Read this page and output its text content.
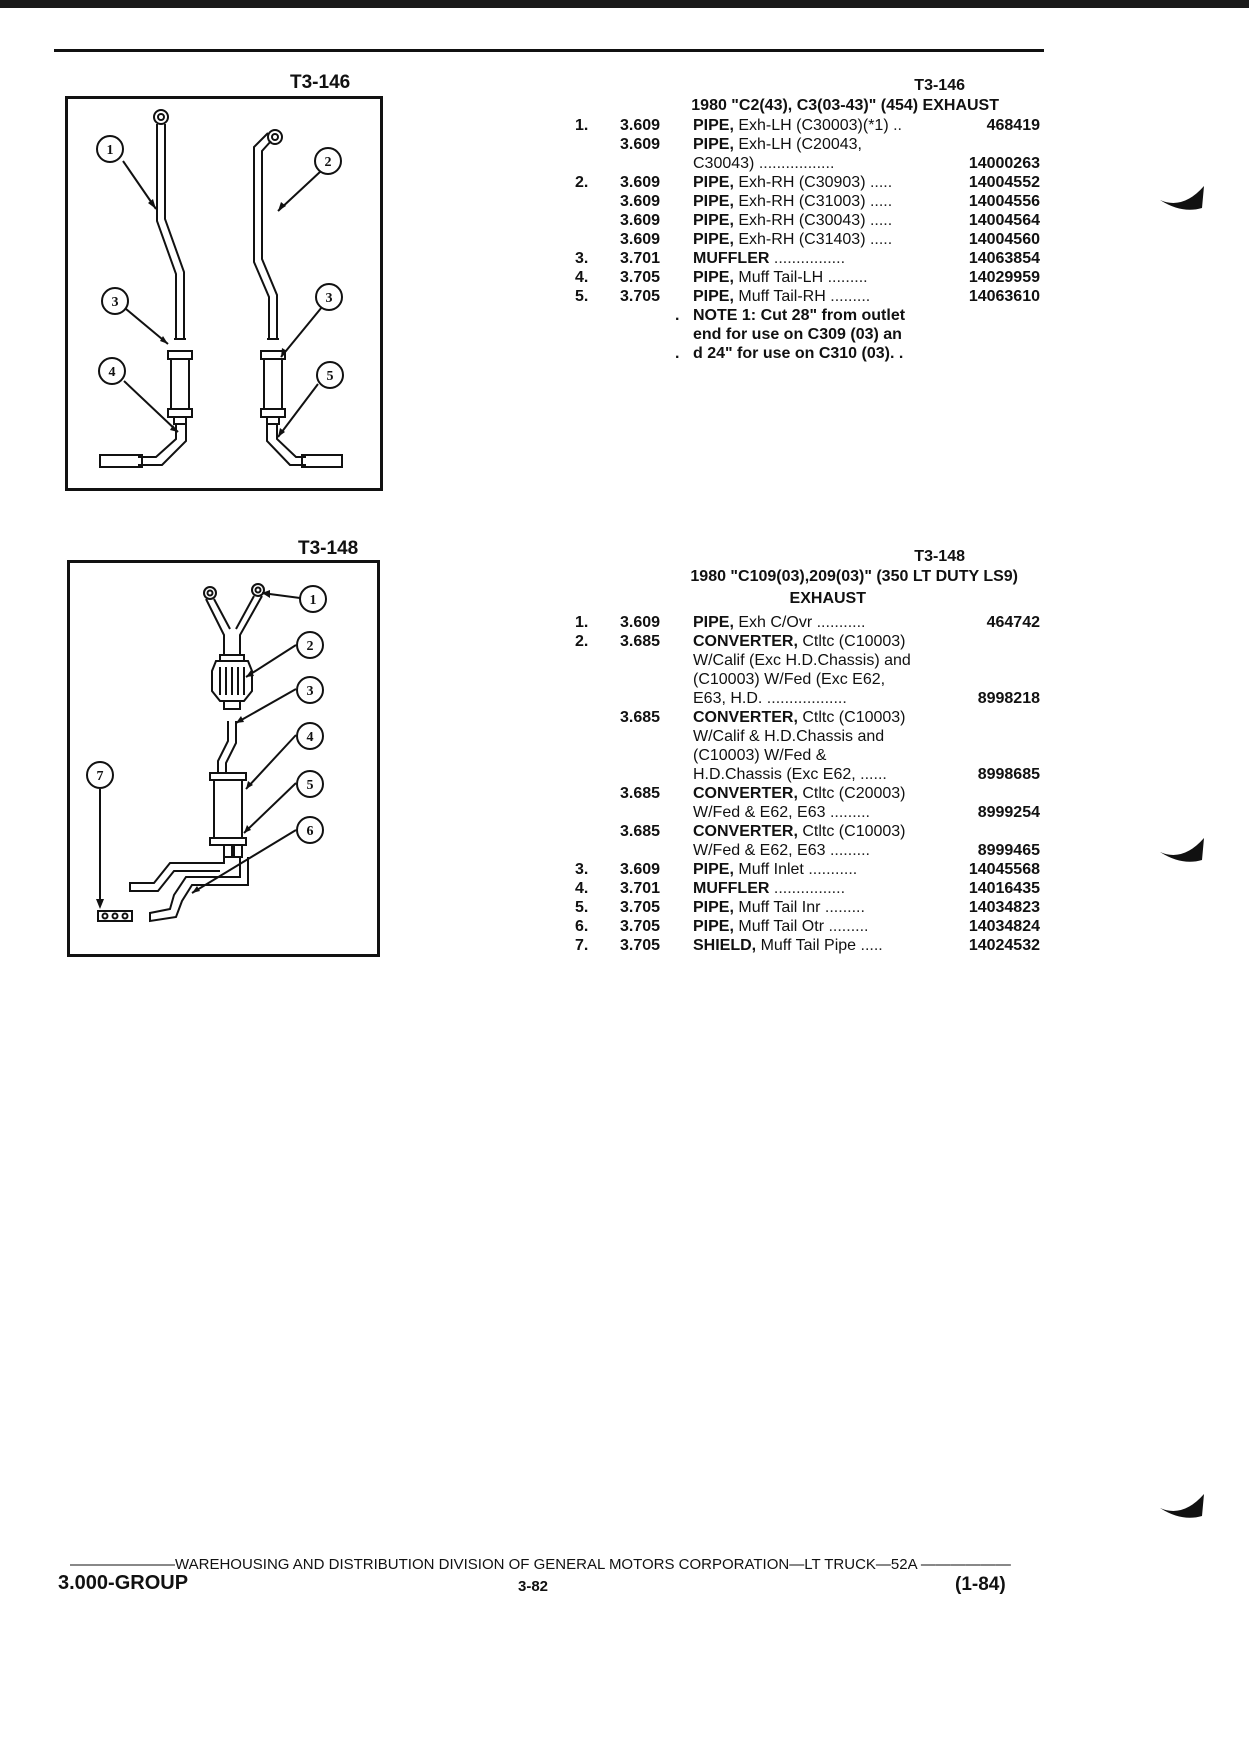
T3-146
1
2
3	3
4	5
T3-148
1
2
3
4
5
6
7
T3-146
1980 "C2(43), C3(03-43)" (454) EXHAUST
1. 3.609 PIPE, Exh-LH (C30003)(*1) ..	468419
3.609 PIPE, Exh-LH (C20043,
C30043) .................	14000263
2. 3.609 PIPE, Exh-RH (C30903) .....	14004552
3.609 PIPE, Exh-RH (C31003) .....	14004556
3.609 PIPE, Exh-RH (C30043) .....	14004564
3.609 PIPE, Exh-RH (C31403) .....	14004560
3. 3.701 MUFFLER ................	14063854
4. 3.705 PIPE, Muff Tail-LH .........	14029959
5. 3.705 PIPE, Muff Tail-RH .........	14063610
. NOTE 1: Cut 28" from outlet
end for use on C309 (03) an
. d 24" for use on C310 (03). .
T3-148
1980 "C109(03),209(03)" (350 LT DUTY LS9)
EXHAUST
1. 3.609 PIPE, Exh C/Ovr ...........	464742
2. 3.685 CONVERTER, Ctltc (C10003)
W/Calif (Exc H.D.Chassis) and
(C10003) W/Fed (Exc E62,
E63, H.D. ..................	8998218
3.685 CONVERTER, Ctltc (C10003)
W/Calif & H.D.Chassis and
(C10003) W/Fed &
H.D.Chassis (Exc E62, ......	8998685
3.685 CONVERTER, Ctltc (C20003)
W/Fed & E62, E63 .........	8999254
3.685 CONVERTER, Ctltc (C10003)
W/Fed & E62, E63 .........	8999465
3. 3.609 PIPE, Muff Inlet ...........	14045568
4. 3.701 MUFFLER ................	14016435
5. 3.705 PIPE, Muff Tail Inr .........	14034823
6. 3.705 PIPE, Muff Tail Otr .........	14034824
7. 3.705 SHIELD, Muff Tail Pipe .....	14024532
———————WAREHOUSING AND DISTRIBUTION DIVISION OF GENERAL MOTORS CORPORATION—LT TRUCK—52A ——————
3.000-GROUP	3-82	(1-84)
